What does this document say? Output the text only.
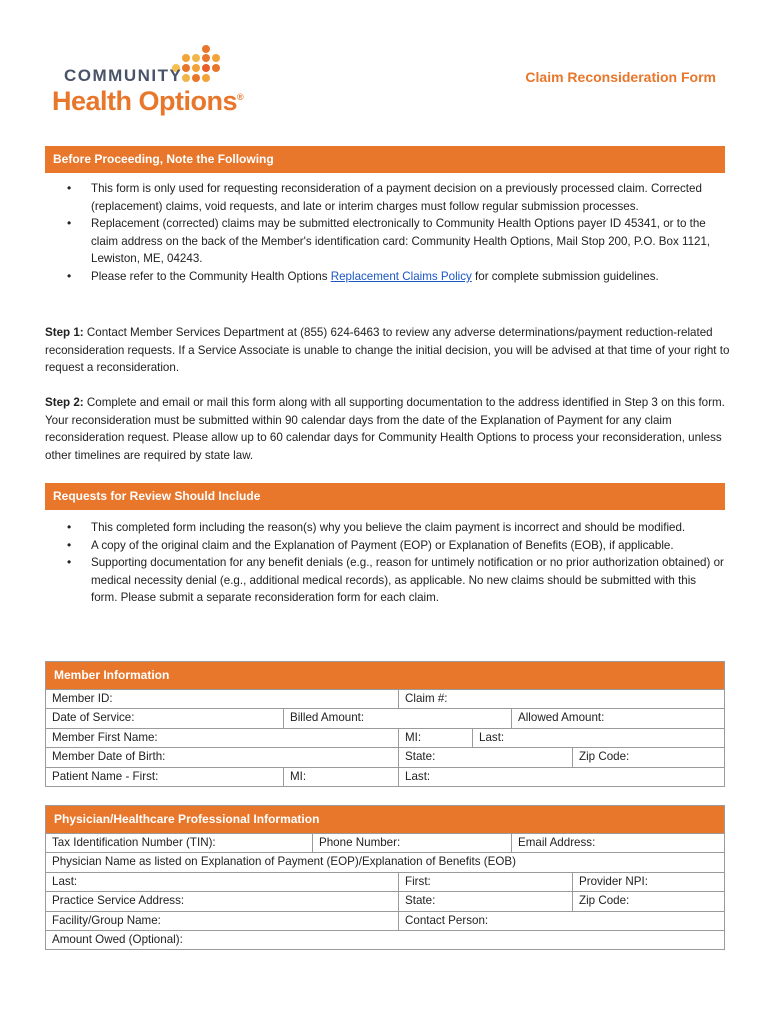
COMMUNITY
Health Options®
Claim Reconsideration Form
Before Proceeding, Note the Following
• This form is only used for requesting reconsideration of a payment decision on a previously processed claim. Corrected (replacement) claims, void requests, and late or interim charges must follow regular submission processes.
• Replacement (corrected) claims may be submitted electronically to Community Health Options payer ID 45341, or to the claim address on the back of the Member's identification card: Community Health Options, Mail Stop 200, P.O. Box 1121, Lewiston, ME, 04243.
• Please refer to the Community Health Options Replacement Claims Policy for complete submission guidelines.

Step 1: Contact Member Services Department at (855) 624-6463 to review any adverse determinations/payment reduction-related reconsideration requests. If a Service Associate is unable to change the initial decision, you will be advised at that time of your right to request a reconsideration.

Step 2: Complete and email or mail this form along with all supporting documentation to the address identified in Step 3 on this form. Your reconsideration must be submitted within 90 calendar days from the date of the Explanation of Payment for any claim reconsideration request. Please allow up to 60 calendar days for Community Health Options to process your reconsideration, unless other timelines are required by state law.

Requests for Review Should Include
• This completed form including the reason(s) why you believe the claim payment is incorrect and should be modified.
• A copy of the original claim and the Explanation of Payment (EOP) or Explanation of Benefits (EOB), if applicable.
• Supporting documentation for any benefit denials (e.g., reason for untimely notification or no prior authorization obtained) or medical necessity denial (e.g., additional medical records), as applicable. No new claims should be submitted with this form. Please submit a separate reconsideration form for each claim.
Member Information
Member ID:	Claim #:
Date of Service:	Billed Amount:	Allowed Amount:
Member First Name:	MI:	Last:
Member Date of Birth:	State:	Zip Code:
Patient Name - First:	MI:	Last:
Physician/Healthcare Professional Information
Tax Identification Number (TIN):	Phone Number:	Email Address:
Physician Name as listed on Explanation of Payment (EOP)/Explanation of Benefits (EOB)
Last:	First:	Provider NPI:
Practice Service Address:	State:	Zip Code:
Facility/Group Name:	Contact Person:
Amount Owed (Optional):
